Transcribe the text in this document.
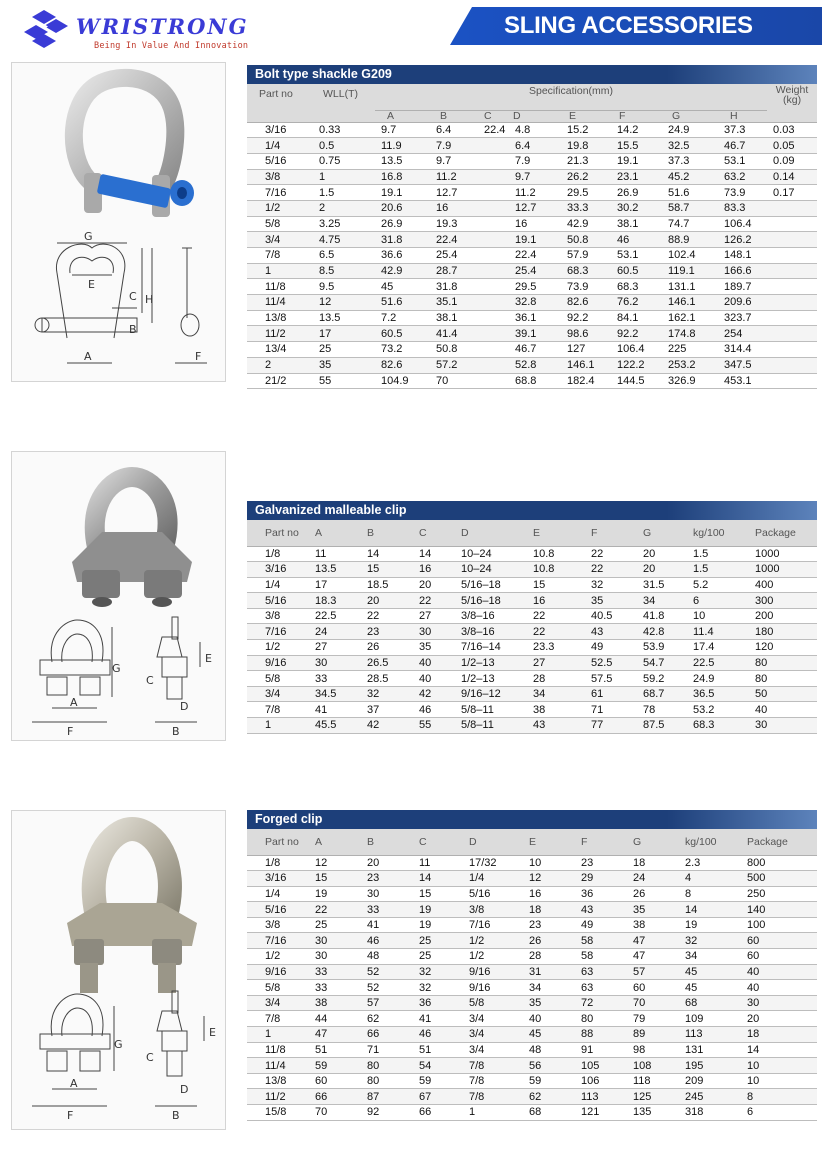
WRISTRONG
Being In Value And Innovation
SLING ACCESSORIES
G
E
C H
B
A	F
Bolt type shackle G209
Part no	WLL(T)	Specification(mm)								Weight
(kg)

		A	B	C	D	E	F	G	H	
3/16	0.33	9.7	6.4	22.4	4.8	15.2	14.2	24.9	37.3	0.03
1/4	0.5	11.9	7.9		6.4	19.8	15.5	32.5	46.7	0.05
5/16	0.75	13.5	9.7		7.9	21.3	19.1	37.3	53.1	0.09
3/8	1	16.8	11.2		9.7	26.2	23.1	45.2	63.2	0.14
7/16	1.5	19.1	12.7		11.2	29.5	26.9	51.6	73.9	0.17
1/2	2	20.6	16		12.7	33.3	30.2	58.7	83.3	
5/8	3.25	26.9	19.3		16	42.9	38.1	74.7	106.4	
3/4	4.75	31.8	22.4		19.1	50.8	46	88.9	126.2	
7/8	6.5	36.6	25.4		22.4	57.9	53.1	102.4	148.1	
1	8.5	42.9	28.7		25.4	68.3	60.5	119.1	166.6	
11/8	9.5	45	31.8		29.5	73.9	68.3	131.1	189.7	
11/4	12	51.6	35.1		32.8	82.6	76.2	146.1	209.6	
13/8	13.5	7.2	38.1		36.1	92.2	84.1	162.1	323.7	
11/2	17	60.5	41.4		39.1	98.6	92.2	174.8	254	
13/4	25	73.2	50.8		46.7	127	106.4	225	314.4	
2	35	82.6	57.2		52.8	146.1	122.2	253.2	347.5	
21/2	55	104.9	70		68.8	182.4	144.5	326.9	453.1	
G
A
F
C
E
D
B
Galvanized malleable clip
Part no	A	B	C	D	E	F	G	kg/100	Package
1/8	11	14	14	10–24	10.8	22	20	1.5	1000
3/16	13.5	15	16	10–24	10.8	22	20	1.5	1000
1/4	17	18.5	20	5/16–18	15	32	31.5	5.2	400
5/16	18.3	20	22	5/16–18	16	35	34	6	300
3/8	22.5	22	27	3/8–16	22	40.5	41.8	10	200
7/16	24	23	30	3/8–16	22	43	42.8	11.4	180
1/2	27	26	35	7/16–14	23.3	49	53.9	17.4	120
9/16	30	26.5	40	1/2–13	27	52.5	54.7	22.5	80
5/8	33	28.5	40	1/2–13	28	57.5	59.2	24.9	80
3/4	34.5	32	42	9/16–12	34	61	68.7	36.5	50
7/8	41	37	46	5/8–11	38	71	78	53.2	40
1	45.5	42	55	5/8–11	43	77	87.5	68.3	30
G
A
F
C
E
D
B
Forged clip
Part no	A	B	C	D	E	F	G	kg/100	Package
1/8	12	20	11	17/32	10	23	18	2.3	800
3/16	15	23	14	1/4	12	29	24	4	500
1/4	19	30	15	5/16	16	36	26	8	250
5/16	22	33	19	3/8	18	43	35	14	140
3/8	25	41	19	7/16	23	49	38	19	100
7/16	30	46	25	1/2	26	58	47	32	60
1/2	30	48	25	1/2	28	58	47	34	60
9/16	33	52	32	9/16	31	63	57	45	40
5/8	33	52	32	9/16	34	63	60	45	40
3/4	38	57	36	5/8	35	72	70	68	30
7/8	44	62	41	3/4	40	80	79	109	20
1	47	66	46	3/4	45	88	89	113	18
11/8	51	71	51	3/4	48	91	98	131	14
11/4	59	80	54	7/8	56	105	108	195	10
13/8	60	80	59	7/8	59	106	118	209	10
11/2	66	87	67	7/8	62	113	125	245	8
15/8	70	92	66	1	68	121	135	318	6
